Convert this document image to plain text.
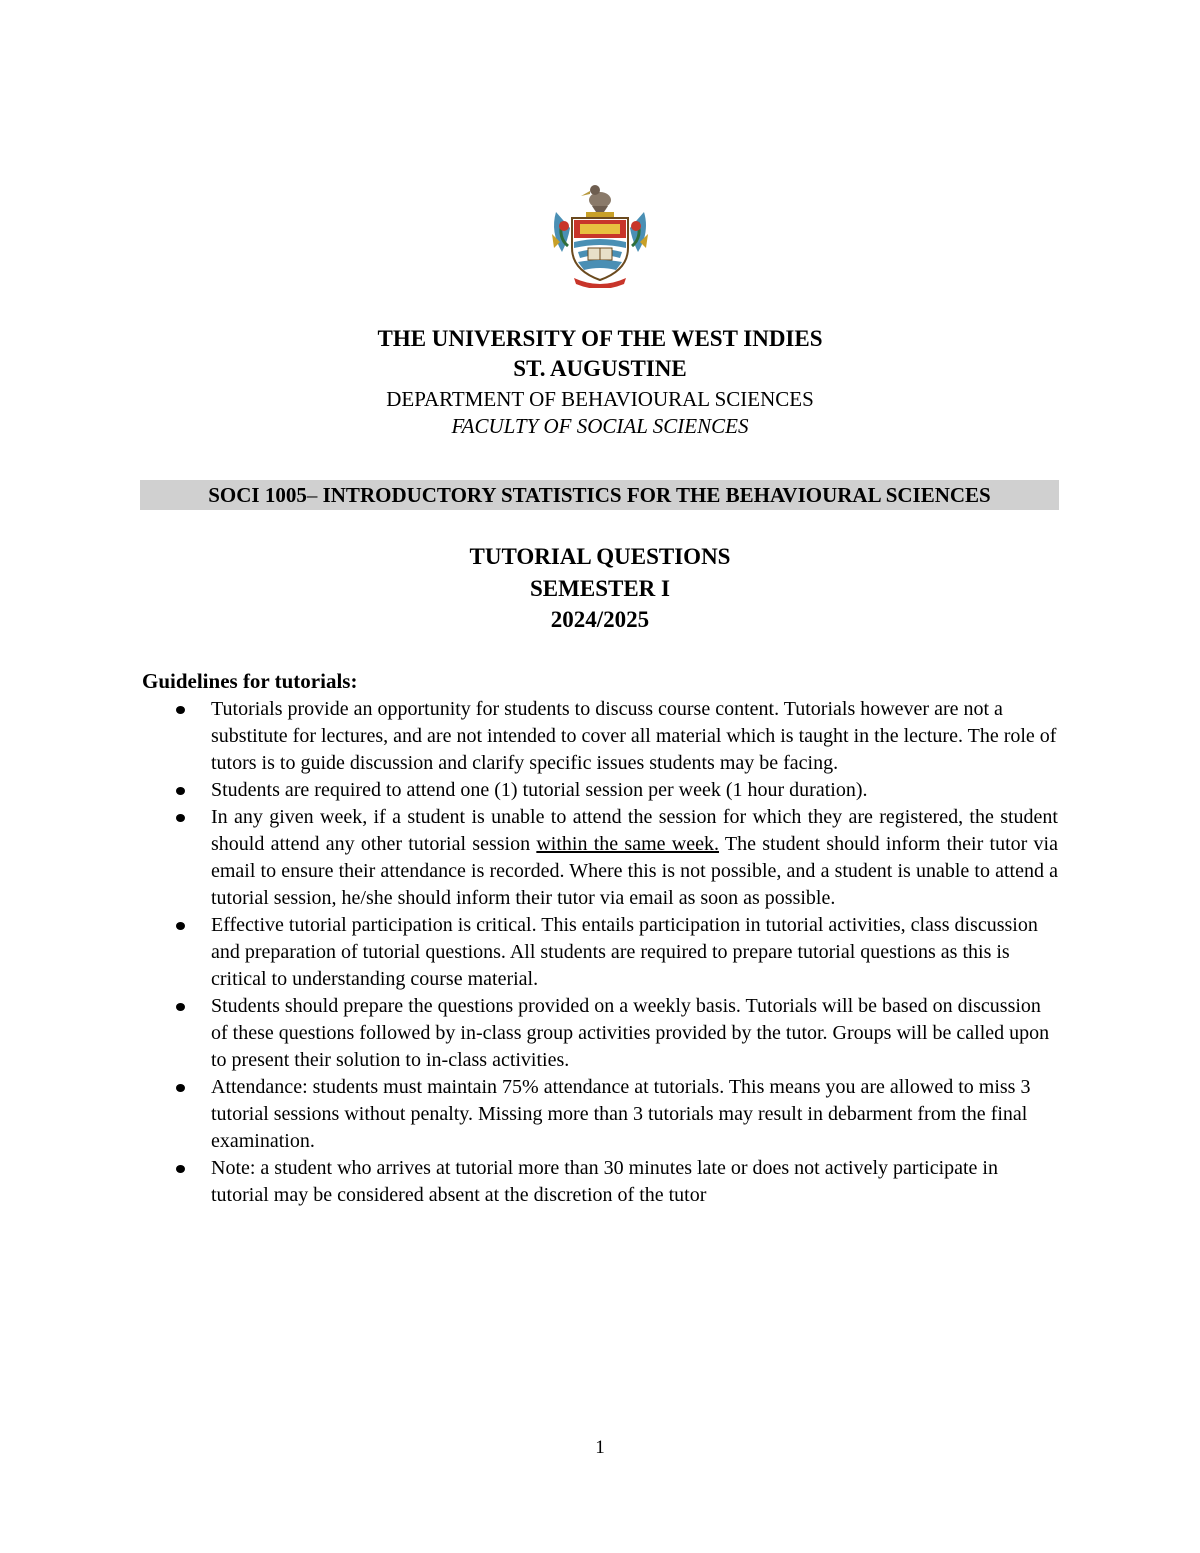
THE UNIVERSITY OF THE WEST INDIES
ST. AUGUSTINE
DEPARTMENT OF BEHAVIOURAL SCIENCES
FACULTY OF SOCIAL SCIENCES
SOCI 1005– INTRODUCTORY STATISTICS FOR THE BEHAVIOURAL SCIENCES
TUTORIAL QUESTIONS
SEMESTER I
2024/2025
Guidelines for tutorials:
Tutorials provide an opportunity for students to discuss course content. Tutorials however are not a substitute for lectures, and are not intended to cover all material which is taught in the lecture. The role of tutors is to guide discussion and clarify specific issues students may be facing.
Students are required to attend one (1) tutorial session per week (1 hour duration).
In any given week, if a student is unable to attend the session for which they are registered, the student should attend any other tutorial session within the same week. The student should inform their tutor via email to ensure their attendance is recorded. Where this is not possible, and a student is unable to attend a tutorial session, he/she should inform their tutor via email as soon as possible.
Effective tutorial participation is critical. This entails participation in tutorial activities, class discussion and preparation of tutorial questions. All students are required to prepare tutorial questions as this is critical to understanding course material.
Students should prepare the questions provided on a weekly basis. Tutorials will be based on discussion of these questions followed by in-class group activities provided by the tutor. Groups will be called upon to present their solution to in-class activities.
Attendance: students must maintain 75% attendance at tutorials. This means you are allowed to miss 3 tutorial sessions without penalty. Missing more than 3 tutorials may result in debarment from the final examination.
Note: a student who arrives at tutorial more than 30 minutes late or does not actively participate in tutorial may be considered absent at the discretion of the tutor
1
